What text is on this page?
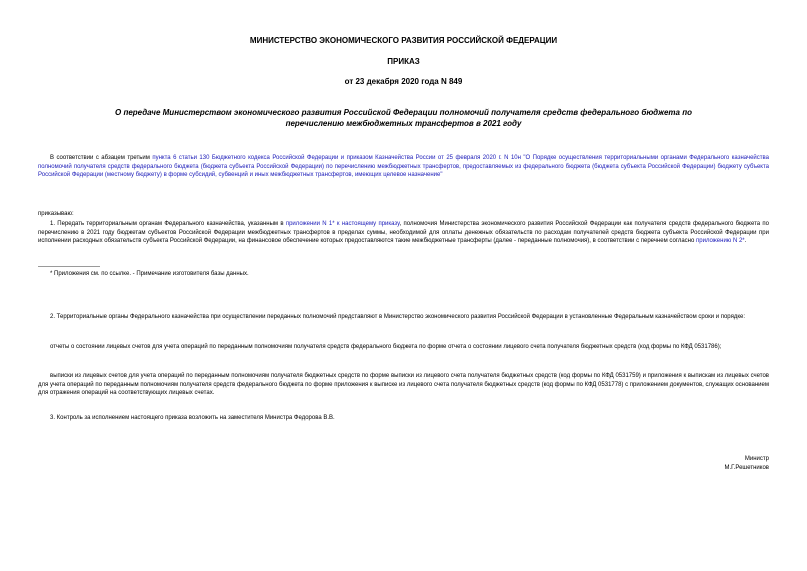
МИНИСТЕРСТВО ЭКОНОМИЧЕСКОГО РАЗВИТИЯ РОССИЙСКОЙ ФЕДЕРАЦИИ
ПРИКАЗ
от 23 декабря 2020 года N 849
О передаче Министерством экономического развития Российской Федерации полномочий получателя средств федерального бюджета по перечислению межбюджетных трансфертов в 2021 году
В соответствии с абзацем третьим пункта 6 статьи 130 Бюджетного кодекса Российской Федерации и приказом Казначейства России от 25 февраля 2020 г. N 10н "О Порядке осуществления территориальными органами Федерального казначейства полномочий получателя средств федерального бюджета (бюджета субъекта Российской Федерации) по перечислению межбюджетных трансфертов, предоставляемых из федерального бюджета (бюджета субъекта Российской Федерации) бюджету субъекта Российской Федерации (местному бюджету) в форме субсидий, субвенций и иных межбюджетных трансфертов, имеющих целевое назначение"
приказываю:
1. Передать территориальным органам Федерального казначейства, указанным в приложении N 1* к настоящему приказу, полномочия Министерства экономического развития Российской Федерации как получателя средств федерального бюджета по перечислению в 2021 году бюджетам субъектов Российской Федерации межбюджетных трансфертов в пределах суммы, необходимой для оплаты денежных обязательств по расходам получателей средств бюджета субъекта Российской Федерации при исполнении расходных обязательств субъекта Российской Федерации, на финансовое обеспечение которых предоставляются такие межбюджетные трансферты (далее - переданные полномочия), в соответствии с перечнем согласно приложению N 2*.
* Приложения см. по ссылке. - Примечание изготовителя базы данных.
2. Территориальные органы Федерального казначейства при осуществлении переданных полномочий представляют в Министерство экономического развития Российской Федерации в установленные Федеральным казначейством сроки и порядке:
отчеты о состоянии лицевых счетов для учета операций по переданным полномочиям получателя средств федерального бюджета по форме отчета о состоянии лицевого счета получателя бюджетных средств (код формы по КФД 0531786);
выписки из лицевых счетов для учета операций по переданным полномочиям получателя бюджетных средств по форме выписки из лицевого счета получателя бюджетных средств (код формы по КФД 0531759) и приложения к выпискам из лицевых счетов для учета операций по переданным полномочиям получателя средств федерального бюджета по форме приложения к выписке из лицевого счета получателя бюджетных средств (код формы по КФД 0531778) с приложением документов, служащих основанием для отражения операций на соответствующих лицевых счетах.
3. Контроль за исполнением настоящего приказа возложить на заместителя Министра Федорова В.В.
Министр
М.Г.Решетников
